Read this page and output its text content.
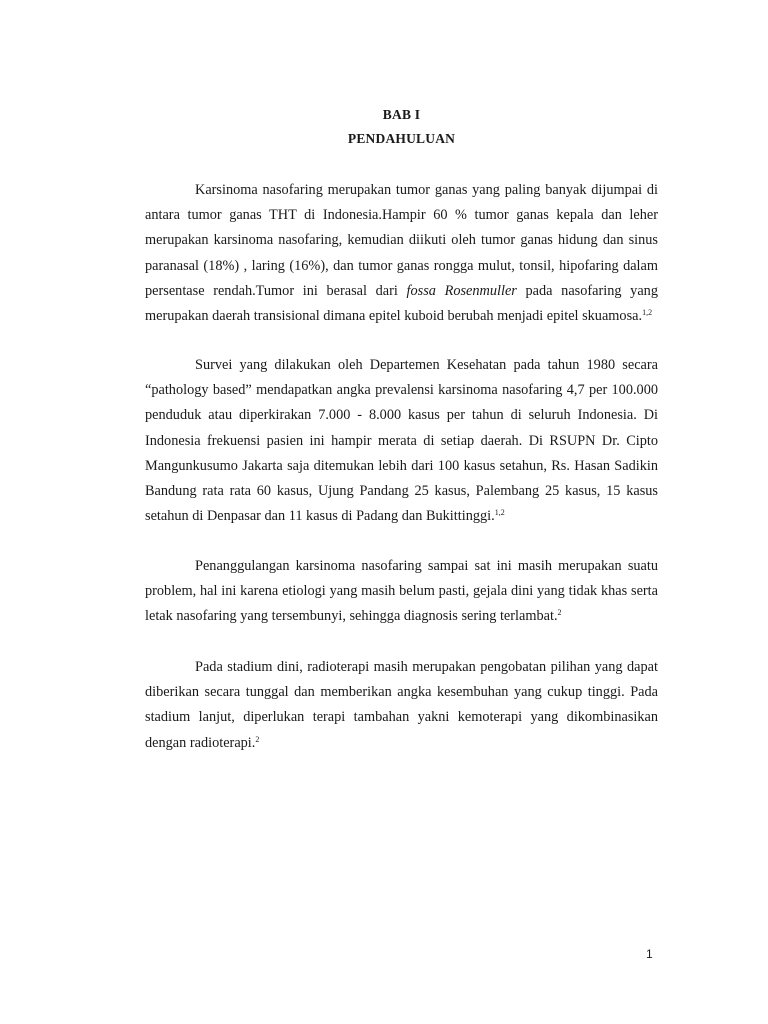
BAB I
PENDAHULUAN

Karsinoma nasofaring merupakan tumor ganas yang paling banyak dijumpai di antara tumor ganas THT di Indonesia.Hampir 60 % tumor ganas kepala dan leher merupakan karsinoma nasofaring, kemudian diikuti oleh tumor ganas hidung dan sinus paranasal (18%) , laring (16%), dan tumor ganas rongga mulut, tonsil, hipofaring dalam persentase rendah.Tumor ini berasal dari fossa Rosenmuller pada nasofaring yang merupakan daerah transisional dimana epitel kuboid berubah menjadi epitel skuamosa.$^{1,2}$

Survei yang dilakukan oleh Departemen Kesehatan pada tahun 1980 secara “pathology based” mendapatkan angka prevalensi karsinoma nasofaring 4,7 per 100.000 penduduk atau diperkirakan 7.000 - 8.000 kasus per tahun di seluruh Indonesia. Di Indonesia frekuensi pasien ini hampir merata di setiap daerah. Di RSUPN Dr. Cipto Mangunkusumo Jakarta saja ditemukan lebih dari 100 kasus setahun, Rs. Hasan Sadikin Bandung rata rata 60 kasus, Ujung Pandang 25 kasus, Palembang 25 kasus, 15 kasus setahun di Denpasar dan 11 kasus di Padang dan Bukittinggi.$^{1,2}$

Penanggulangan karsinoma nasofaring sampai sat ini masih merupakan suatu problem, hal ini karena etiologi yang masih belum pasti, gejala dini yang tidak khas serta letak nasofaring yang tersembunyi, sehingga diagnosis sering terlambat.$^2$

Pada stadium dini, radioterapi masih merupakan pengobatan pilihan yang dapat diberikan secara tunggal dan memberikan angka kesembuhan yang cukup tinggi. Pada stadium lanjut, diperlukan terapi tambahan yakni kemoterapi yang dikombinasikan dengan radioterapi.$^2$

1
